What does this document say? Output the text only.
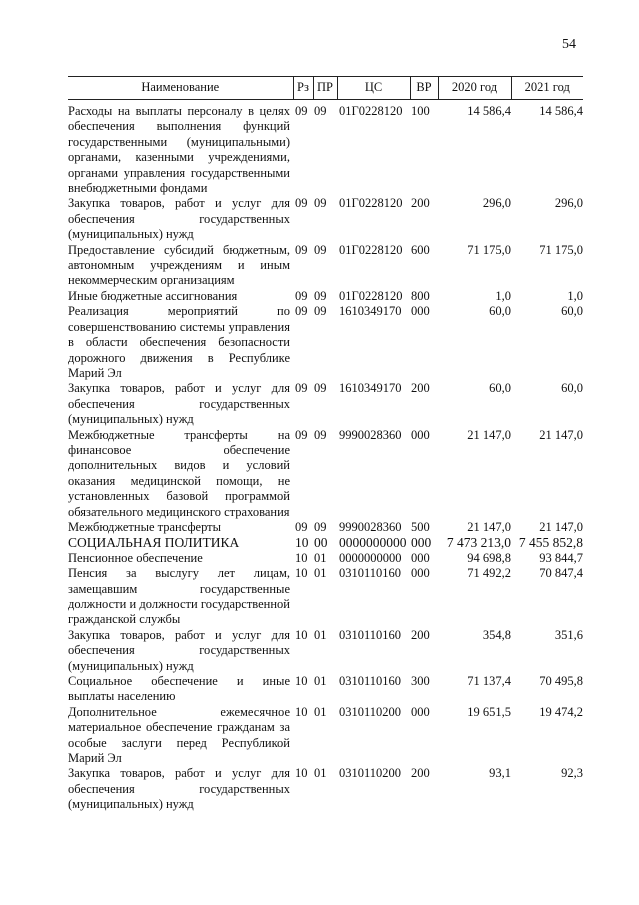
54
Наименование	Рз	ПР	ЦС	ВР	2020 год	2021 год
Расходы на выплаты персоналу в целях обеспечения выполнения функций государственными (муниципальными) органами, казенными учреждениями, органами управления государственными внебюджетными фондами	09	09	01Г0228120	100	14 586,4	14 586,4
Закупка товаров, работ и услуг для обеспечения государственных (муниципальных) нужд	09	09	01Г0228120	200	296,0	296,0
Предоставление субсидий бюджетным, автономным учреждениям и иным некоммерческим организациям	09	09	01Г0228120	600	71 175,0	71 175,0
Иные бюджетные ассигнования	09	09	01Г0228120	800	1,0	1,0
Реализация мероприятий по совершенствованию системы управления в области обеспечения безопасности дорожного движения в Республике Марий Эл	09	09	1610349170	000	60,0	60,0
Закупка товаров, работ и услуг для обеспечения государственных (муниципальных) нужд	09	09	1610349170	200	60,0	60,0
Межбюджетные трансферты на финансовое обеспечение дополнительных видов и условий оказания медицинской помощи, не установленных базовой программой обязательного медицинского страхования	09	09	9990028360	000	21 147,0	21 147,0
Межбюджетные трансферты	09	09	9990028360	500	21 147,0	21 147,0
СОЦИАЛЬНАЯ ПОЛИТИКА	10	00	0000000000	000	7 473 213,0	7 455 852,8
Пенсионное обеспечение	10	01	0000000000	000	94 698,8	93 844,7
Пенсия за выслугу лет лицам, замещавшим государственные должности и должности государственной гражданской службы	10	01	0310110160	000	71 492,2	70 847,4
Закупка товаров, работ и услуг для обеспечения государственных (муниципальных) нужд	10	01	0310110160	200	354,8	351,6
Социальное обеспечение и иные выплаты населению	10	01	0310110160	300	71 137,4	70 495,8
Дополнительное ежемесячное материальное обеспечение гражданам за особые заслуги перед Республикой Марий Эл	10	01	0310110200	000	19 651,5	19 474,2
Закупка товаров, работ и услуг для обеспечения государственных (муниципальных) нужд	10	01	0310110200	200	93,1	92,3
